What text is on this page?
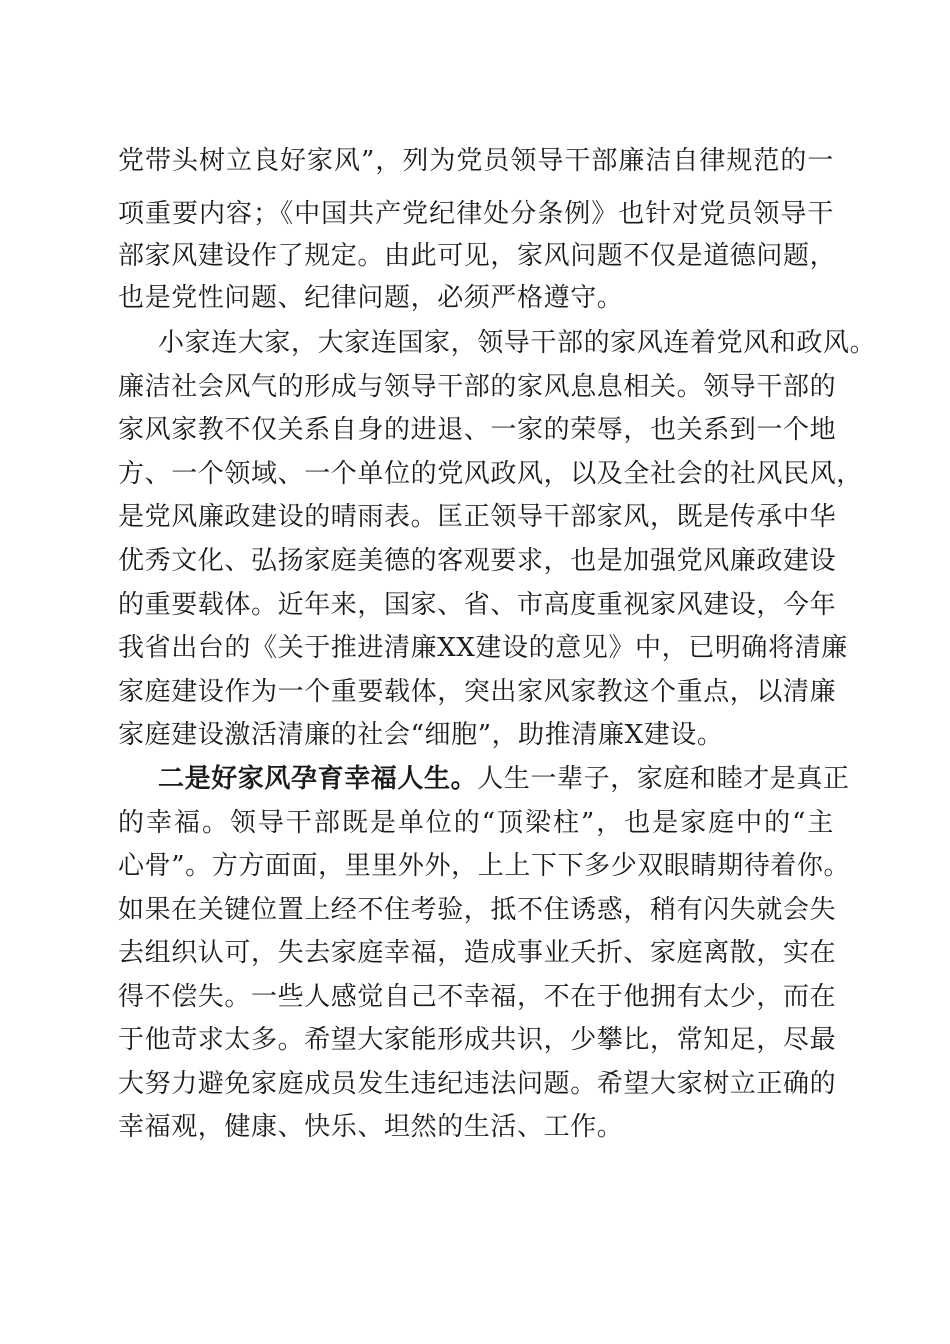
党带头树立良好家风”，列为党员领导干部廉洁自律规范的一
项重要内容；《中国共产党纪律处分条例》也针对党员领导干
部家风建设作了规定。由此可见，家风问题不仅是道德问题，
也是党性问题、纪律问题，必须严格遵守。
小家连大家，大家连国家，领导干部的家风连着党风和政风。
廉洁社会风气的形成与领导干部的家风息息相关。领导干部的
家风家教不仅关系自身的进退、一家的荣辱，也关系到一个地
方、一个领域、一个单位的党风政风，以及全社会的社风民风，
是党风廉政建设的晴雨表。匡正领导干部家风，既是传承中华
优秀文化、弘扬家庭美德的客观要求，也是加强党风廉政建设
的重要载体。近年来，国家、省、市高度重视家风建设，今年
我省出台的《关于推进清廉XX建设的意见》中，已明确将清廉
家庭建设作为一个重要载体，突出家风家教这个重点，以清廉
家庭建设激活清廉的社会“细胞”，助推清廉X建设。
二是好家风孕育幸福人生。 人生一辈子，家庭和睦才是真正
的幸福。领导干部既是单位的“顶梁柱”，也是家庭中的“主
心骨”。方方面面，里里外外，上上下下多少双眼睛期待着你。
如果在关键位置上经不住考验，抵不住诱惑，稍有闪失就会失
去组织认可，失去家庭幸福，造成事业夭折、家庭离散，实在
得不偿失。一些人感觉自己不幸福，不在于他拥有太少，而在
于他苛求太多。希望大家能形成共识，少攀比，常知足，尽最
大努力避免家庭成员发生违纪违法问题。希望大家树立正确的
幸福观，健康、快乐、坦然的生活、工作。
